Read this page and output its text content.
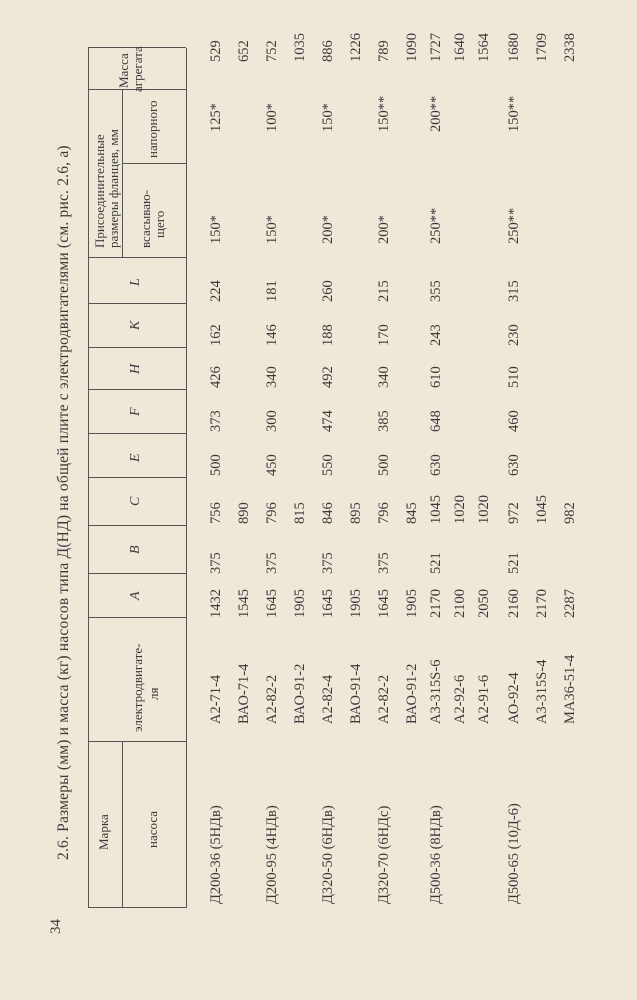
34
2.6. Размеры (мм) и масса (кг) насосов типа Д(НД) на общей плите с электродвигателями (см. рис. 2.6, а) Марка	насоса
электродвигате- ля
A
B
C
E
F
H
K
L
Присоединительные размеры фланцев, мм всасываю- щего
напорного
Масса агрегата
Д200-36 (5НДв)
А2-71-4
1432
375
756
500
373
426
162
224
150*
125*
529
ВАО-71-4
1545
890
652
Д200-95 (4НДв)
А2-82-2
1645
375
796
450
300
340
146
181
150*
100*
752
ВАО-91-2
1905
815
1035
Д320-50 (6НДв)
А2-82-4
1645
375
846
550
474
492
188
260
200*
150*
886
ВАО-91-4
1905
895
1226
Д320-70 (6НДс)
А2-82-2
1645
375
796
500
385
340
170
215
200*
150**
789
ВАО-91-2
1905
845
1090
Д500-36 (8НДв)
А3-315S-6
2170
521
1045
630
648
610
243
355
250**
200**
1727
А2-92-6
2100
1020
1640
А2-91-6
2050
1020
1564
Д500-65 (10Д-6)
АО-92-4
2160
521
972
630
460
510
230
315
250**
150**
1680
А3-315S-4
2170
1045
1709
МА36-51-4
2287
982
2338
